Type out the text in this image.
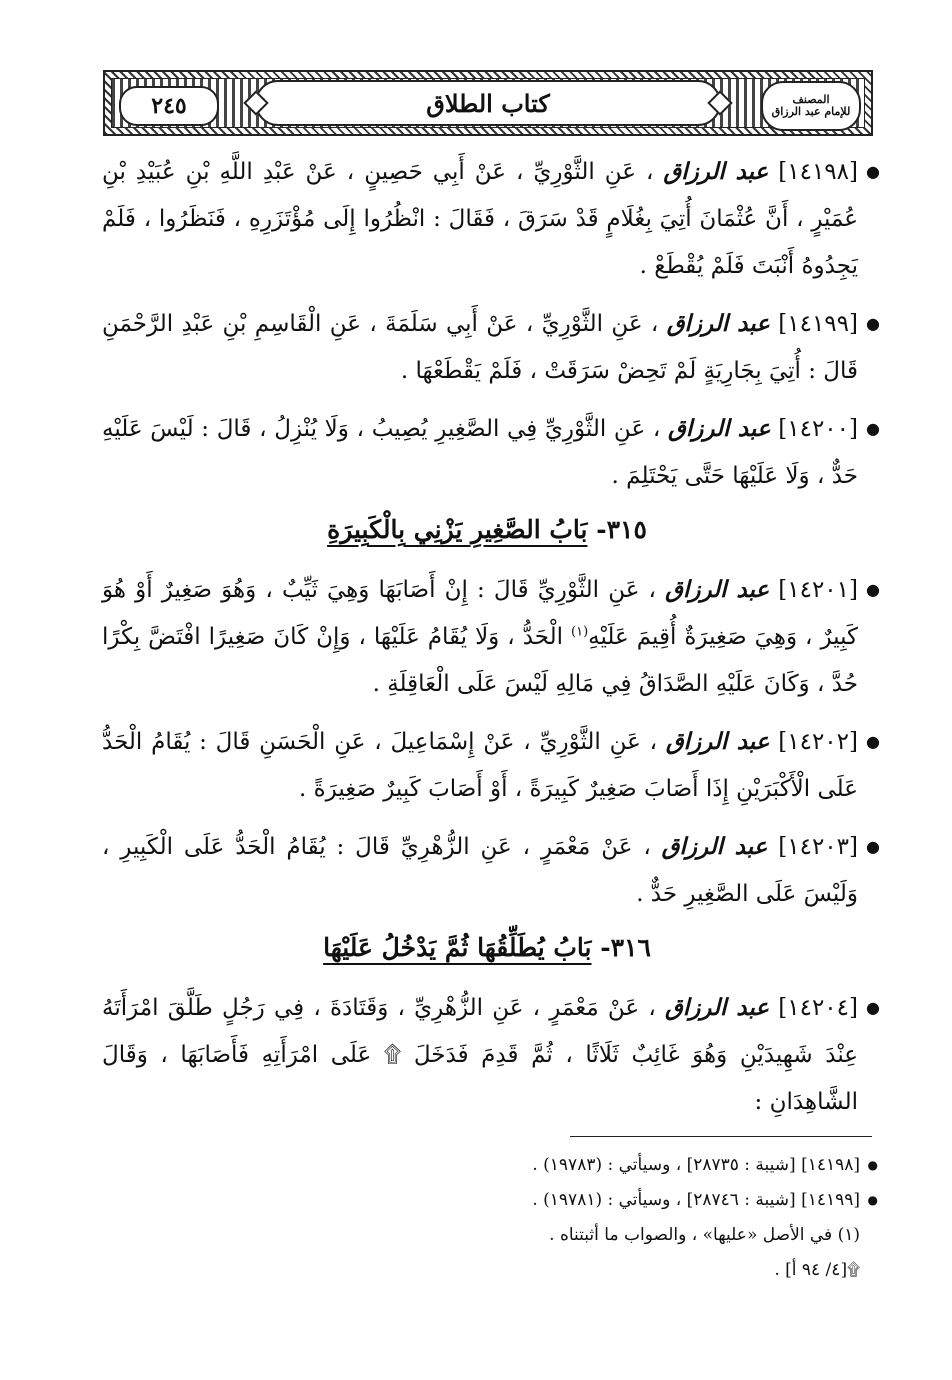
المصنف
للإمام عبد الرزاق
كتاب الطلاق
٢٤٥

●
[١٤١٩٨] عبد الرزاق ، عَنِ الثَّوْرِيِّ ، عَنْ أَبِي حَصِينٍ ، عَنْ عَبْدِ اللَّهِ بْنِ عُبَيْدِ بْنِ عُمَيْرٍ ، أَنَّ عُثْمَانَ أُتِيَ بِغُلَامٍ قَدْ سَرَقَ ، فَقَالَ : انْظُرُوا إِلَى مُؤْتَزَرِهِ ، فَنَظَرُوا ، فَلَمْ يَجِدُوهُ أَنْبَتَ فَلَمْ يُقْطَعْ .

●
[١٤١٩٩] عبد الرزاق ، عَنِ الثَّوْرِيِّ ، عَنْ أَبِي سَلَمَةَ ، عَنِ الْقَاسِمِ بْنِ عَبْدِ الرَّحْمَنِ قَالَ : أُتِيَ بِجَارِيَةٍ لَمْ تَحِضْ سَرَقَتْ ، فَلَمْ يَقْطَعْهَا .

●
[١٤٢٠٠] عبد الرزاق ، عَنِ الثَّوْرِيِّ فِي الصَّغِيرِ يُصِيبُ ، وَلَا يُنْزِلُ ، قَالَ : لَيْسَ عَلَيْهِ حَدٌّ ، وَلَا عَلَيْهَا حَتَّى يَحْتَلِمَ .

٣١٥- بَابُ الصَّغِيرِ يَزْنِي بِالْكَبِيرَةِ

●
[١٤٢٠١] عبد الرزاق ، عَنِ الثَّوْرِيِّ قَالَ : إِنْ أَصَابَهَا وَهِيَ ثَيِّبٌ ، وَهُوَ صَغِيرٌ أَوْ هُوَ كَبِيرٌ ، وَهِيَ صَغِيرَةٌ أُقِيمَ عَلَيْهِ$^{(١)}$ الْحَدُّ ، وَلَا يُقَامُ عَلَيْهَا ، وَإِنْ كَانَ صَغِيرًا افْتَضَّ بِكْرًا حُدَّ ، وَكَانَ عَلَيْهِ الصَّدَاقُ فِي مَالِهِ لَيْسَ عَلَى الْعَاقِلَةِ .

●
[١٤٢٠٢] عبد الرزاق ، عَنِ الثَّوْرِيِّ ، عَنْ إِسْمَاعِيلَ ، عَنِ الْحَسَنِ قَالَ : يُقَامُ الْحَدُّ عَلَى الْأَكْبَرَيْنِ إِذَا أَصَابَ صَغِيرٌ كَبِيرَةً ، أَوْ أَصَابَ كَبِيرٌ صَغِيرَةً .

●
[١٤٢٠٣] عبد الرزاق ، عَنْ مَعْمَرٍ ، عَنِ الزُّهْرِيِّ قَالَ : يُقَامُ الْحَدُّ عَلَى الْكَبِيرِ ، وَلَيْسَ عَلَى الصَّغِيرِ حَدٌّ .

٣١٦- بَابُ يُطَلِّقُهَا ثُمَّ يَدْخُلُ عَلَيْهَا

●
[١٤٢٠٤] عبد الرزاق ، عَنْ مَعْمَرٍ ، عَنِ الزُّهْرِيِّ ، وَقَتَادَةَ ، فِي رَجُلٍ طَلَّقَ امْرَأَتَهُ عِنْدَ شَهِيدَيْنِ وَهُوَ غَائِبٌ ثَلَاثًا ، ثُمَّ قَدِمَ فَدَخَلَ ۩ عَلَى امْرَأَتِهِ فَأَصَابَهَا ، وَقَالَ الشَّاهِدَانِ :

●
[١٤١٩٨] [شيبة : ٢٨٧٣٥] ، وسيأتي : (١٩٧٨٣) .
●
[١٤١٩٩] [شيبة : ٢٨٧٤٦] ، وسيأتي : (١٩٧٨١) .
(١) في الأصل «عليها» ، والصواب ما أثبتناه .
۩[٤/ ٩٤ أ] .
